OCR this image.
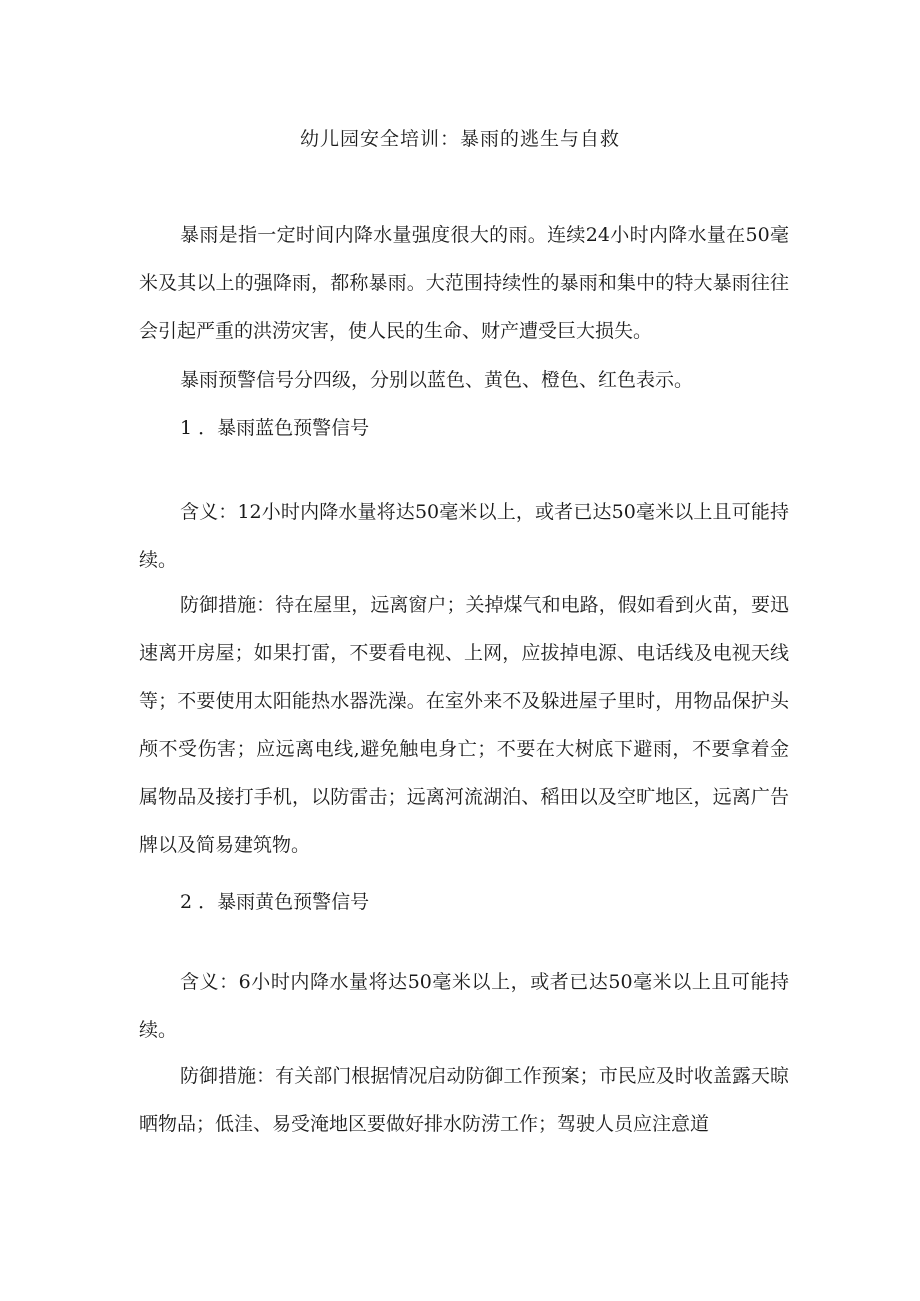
幼儿园安全培训：暴雨的逃生与自救
暴雨是指一定时间内降水量强度很大的雨。连续24小时内降水量在50毫米及其以上的强降雨，都称暴雨。大范围持续性的暴雨和集中的特大暴雨往往会引起严重的洪涝灾害，使人民的生命、财产遭受巨大损失。
暴雨预警信号分四级，分别以蓝色、黄色、橙色、红色表示。
1 ．暴雨蓝色预警信号
含义：12小时内降水量将达50毫米以上，或者已达50毫米以上且可能持续。
防御措施：待在屋里，远离窗户；关掉煤气和电路，假如看到火苗，要迅速离开房屋；如果打雷，不要看电视、上网，应拔掉电源、电话线及电视天线等；不要使用太阳能热水器洗澡。在室外来不及躲进屋子里时，用物品保护头颅不受伤害；应远离电线,避免触电身亡；不要在大树底下避雨，不要拿着金属物品及接打手机，以防雷击；远离河流湖泊、稻田以及空旷地区，远离广告牌以及简易建筑物。
2 ．暴雨黄色预警信号
含义：6小时内降水量将达50毫米以上，或者已达50毫米以上且可能持续。
防御措施：有关部门根据情况启动防御工作预案；市民应及时收盖露天晾晒物品；低洼、易受淹地区要做好排水防涝工作；驾驶人员应注意道
